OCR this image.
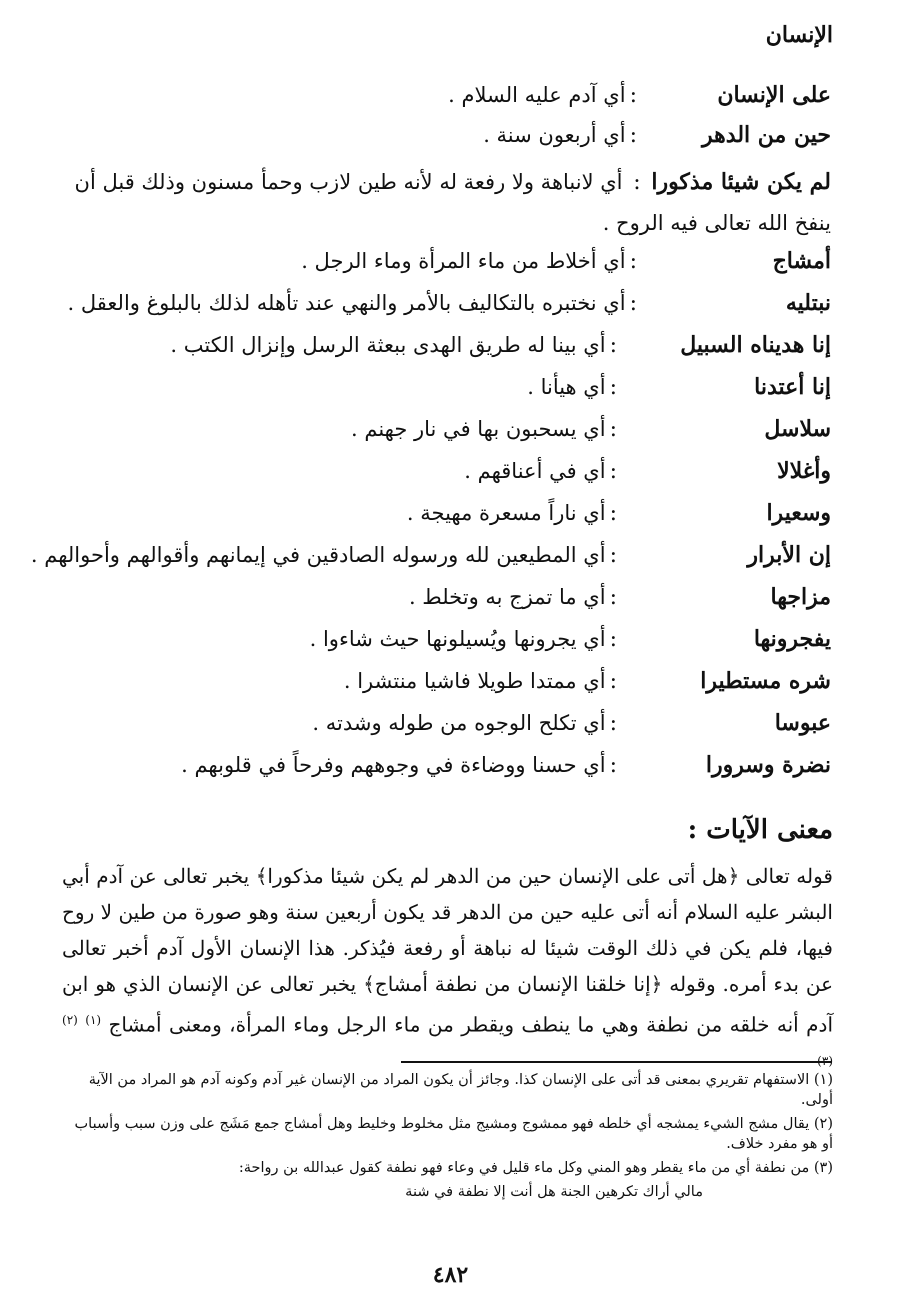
الإنسان
على الإنسان
:
أي آدم عليه السلام .
حين من الدهر
:
أي أربعون سنة .
لم يكن شيئا مذكورا : أي لانباهة ولا رفعة له لأنه طين لازب وحمأ مسنون وذلك قبل أن ينفخ الله تعالى فيه الروح .
أمشاج
:
أي أخلاط من ماء المرأة وماء الرجل .
نبتليه
:
أي نختبره بالتكاليف بالأمر والنهي عند تأهله لذلك بالبلوغ والعقل .
إنا هديناه السبيل
:
أي بينا له طريق الهدى ببعثة الرسل وإنزال الكتب .
إنا أعتدنا
:
أي هيأنا .
سلاسل
:
أي يسحبون بها في نار جهنم .
وأغلالا
:
أي في أعناقهم .
وسعيرا
:
أي ناراً مسعرة مهيجة .
إن الأبرار
:
أي المطيعين لله ورسوله الصادقين في إيمانهم وأقوالهم وأحوالهم .
مزاجها
:
أي ما تمزج به وتخلط .
يفجرونها
:
أي يجرونها ويُسيلونها حيث شاءوا .
شره مستطيرا
:
أي ممتدا طويلا فاشيا منتشرا .
عبوسا
:
أي تكلح الوجوه من طوله وشدته .
نضرة وسرورا
:
أي حسنا ووضاءة في وجوههم وفرحاً في قلوبهم .
معنى الآيات :
قوله تعالى ﴿هل أتى على الإنسان حين من الدهر لم يكن شيئا مذكورا﴾ يخبر تعالى عن آدم أبي البشر عليه السلام أنه أتى عليه حين من الدهر قد يكون أربعين سنة وهو صورة من طين لا روح فيها، فلم يكن في ذلك الوقت شيئا له نباهة أو رفعة فيُذكر. هذا الإنسان الأول آدم أخبر تعالى عن بدء أمره. وقوله ﴿إنا خلقنا الإنسان من نطفة أمشاج﴾ يخبر تعالى عن الإنسان الذي هو ابن آدم أنه خلقه من نطفة وهي ما ينطف ويقطر من ماء الرجل وماء المرأة، ومعنى أمشاج $^{(١)}$ $^{(٢)}$ $^{(٣)}$
(١) الاستفهام تقريري بمعنى قد أتى على الإنسان كذا. وجائز أن يكون المراد من الإنسان غير آدم وكونه آدم هو المراد من الآية أولى.
(٢) يقال مشج الشيء يمشجه أي خلطه فهو ممشوج ومشيج مثل مخلوط وخليط وهل أمشاج جمع مَشَج على وزن سبب وأسباب أو هو مفرد خلاف.
(٣) من نطفة أي من ماء يقطر وهو المني وكل ماء قليل في وعاء فهو نطفة كقول عبدالله بن رواحة:
مالي أراك تكرهين الجنة هل أنت إلا نطفة في شنة
٤٨٢
